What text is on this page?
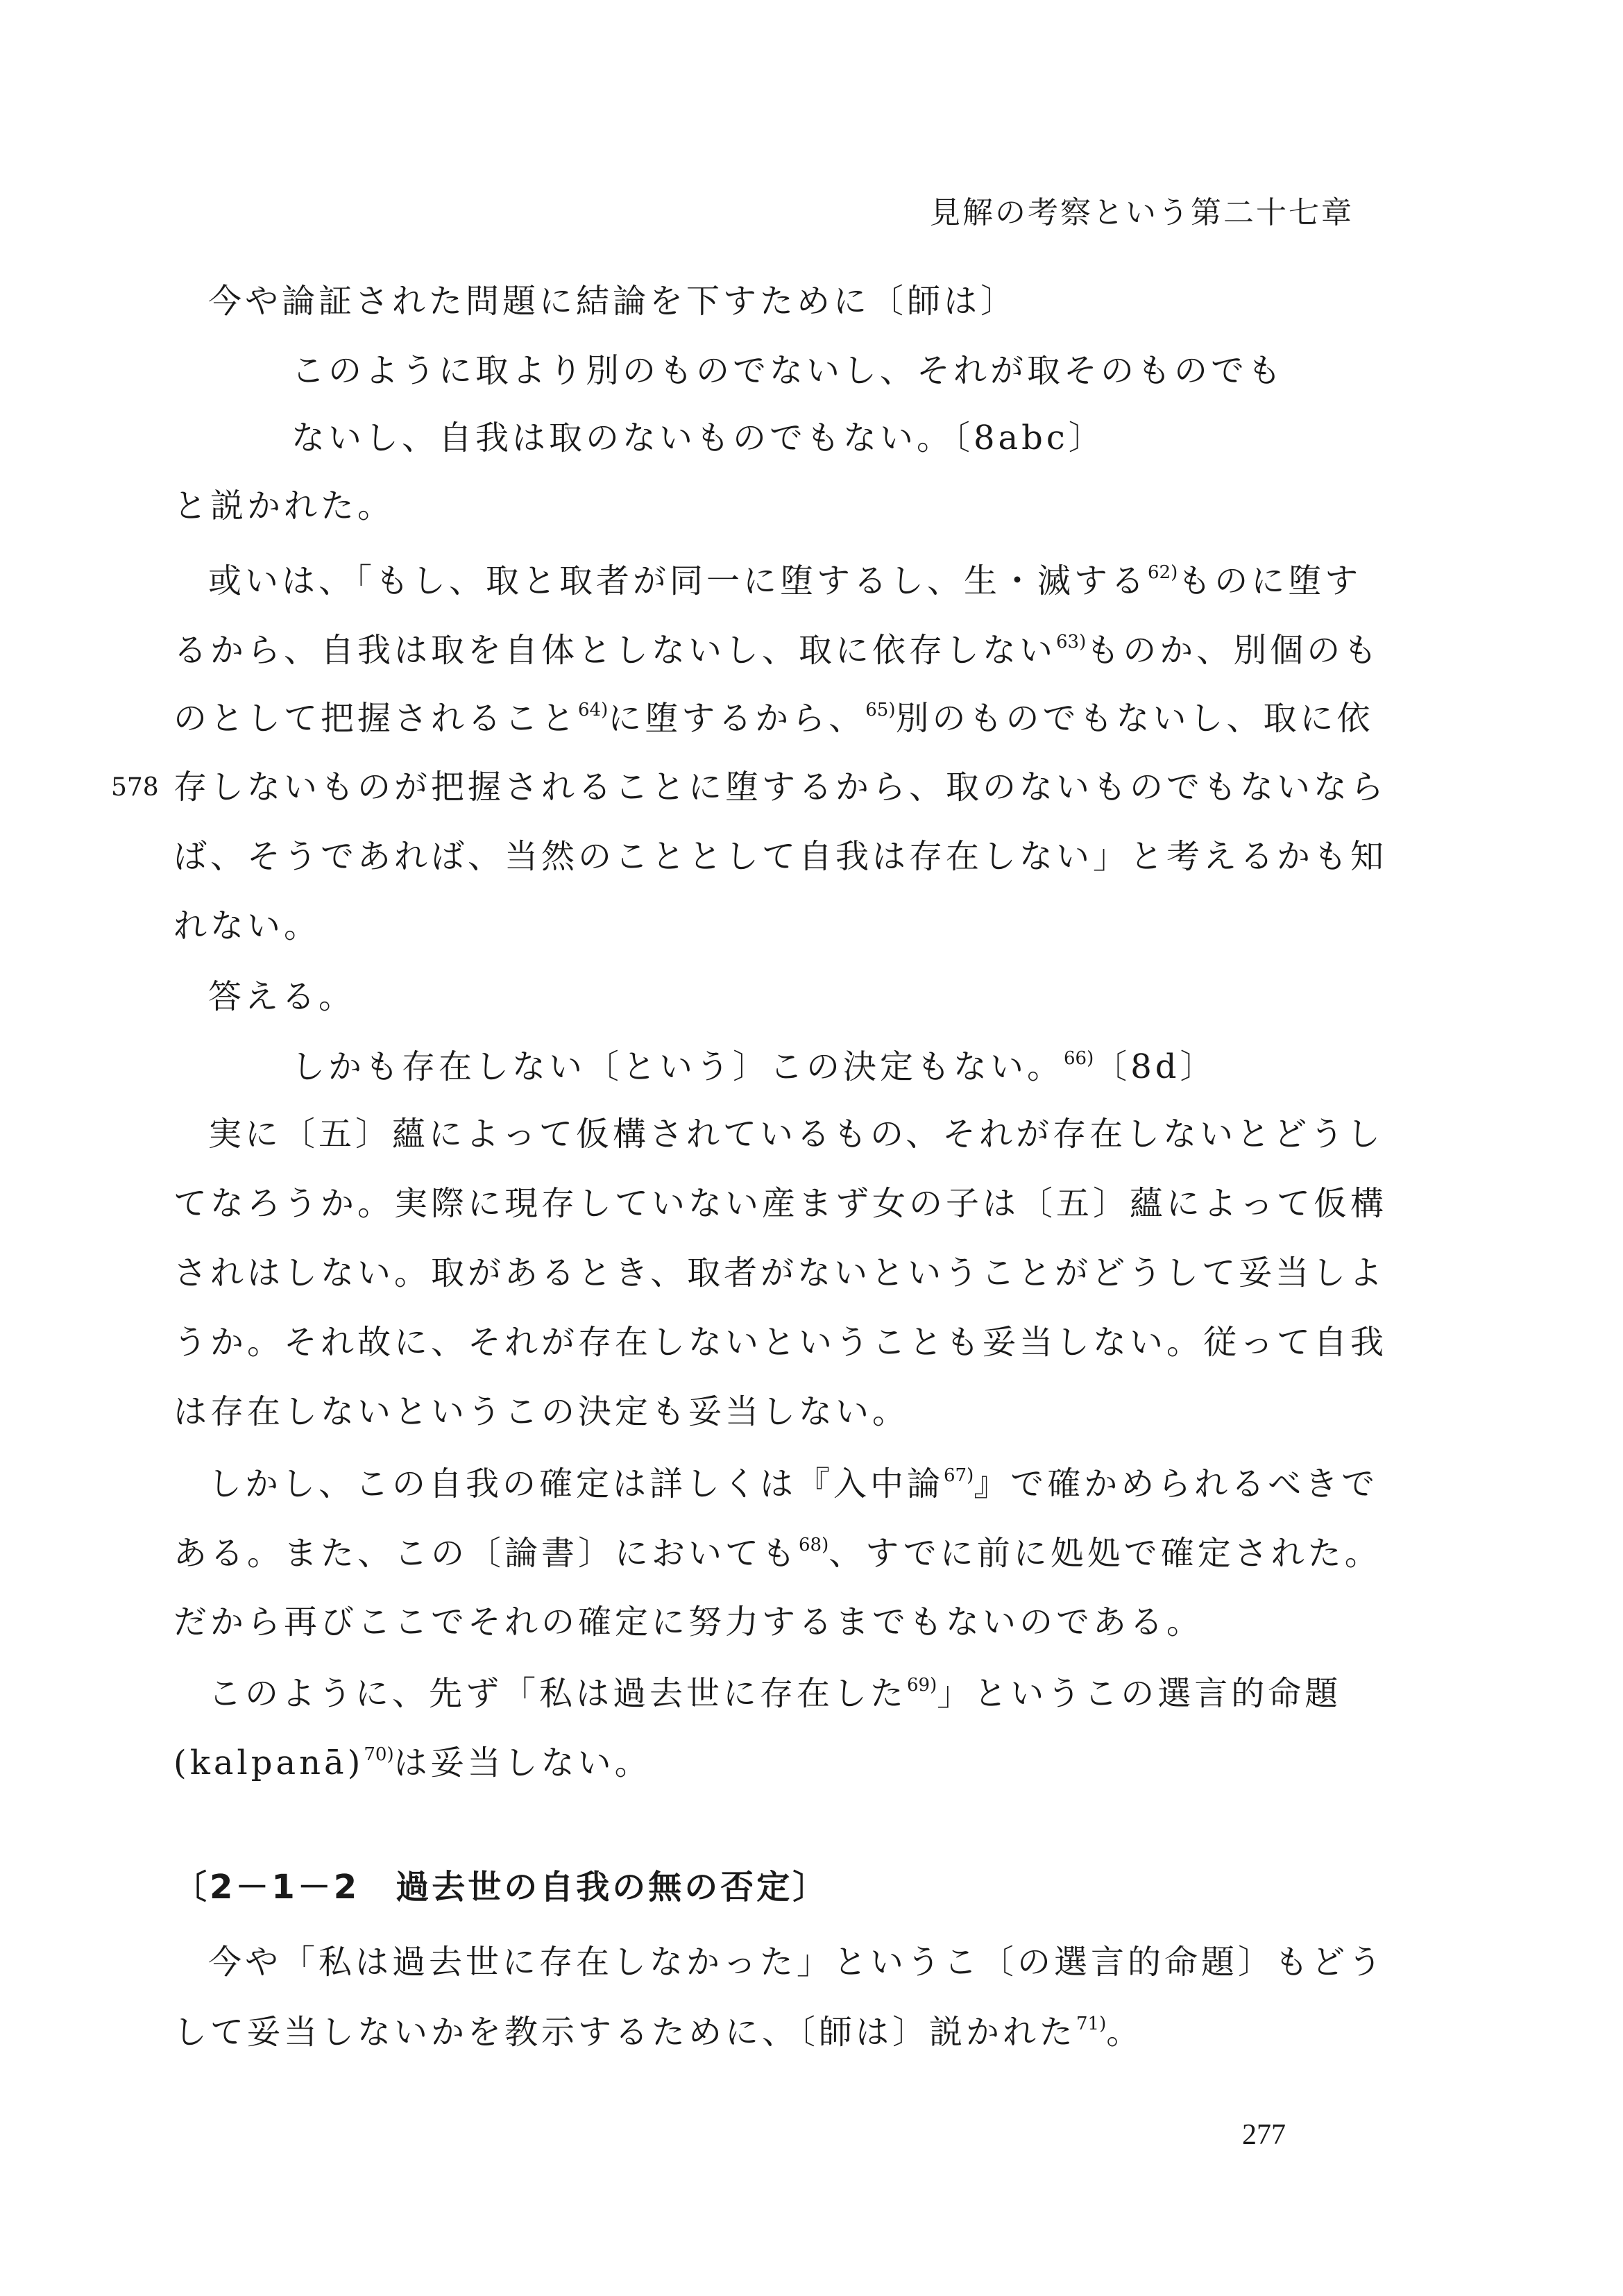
見解の考察という第二十七章
578
今や論証された問題に結論を下すために〔師は〕
このように取より別のものでないし、それが取そのものでも
ないし、自我は取のないものでもない。〔8abc〕
と説かれた。
或いは、「もし、取と取者が同一に堕するし、生・滅する$^{62)}$ものに堕す
るから、自我は取を自体としないし、取に依存しない$^{63)}$ものか、別個のも
のとして把握されること$^{64)}$に堕するから、$^{65)}$別のものでもないし、取に依
存しないものが把握されることに堕するから、取のないものでもないなら
ば、そうであれば、当然のこととして自我は存在しない」と考えるかも知
れない。
答える。
しかも存在しない〔という〕この決定もない。$^{66)}$〔8d〕
実に〔五〕蘊によって仮構されているもの、それが存在しないとどうし
てなろうか。実際に現存していない産まず女の子は〔五〕蘊によって仮構
されはしない。取があるとき、取者がないということがどうして妥当しよ
うか。それ故に、それが存在しないということも妥当しない。従って自我
は存在しないというこの決定も妥当しない。
しかし、この自我の確定は詳しくは『入中論$^{67)}$』で確かめられるべきで
ある。また、この〔論書〕においても$^{68)}$、すでに前に処処で確定された。
だから再びここでそれの確定に努力するまでもないのである。
このように、先ず「私は過去世に存在した$^{69)}$」というこの選言的命題
(kalpanā)$^{70)}$は妥当しない。
〔2－1－2　過去世の自我の無の否定〕
今や「私は過去世に存在しなかった」というこ〔の選言的命題〕もどう
して妥当しないかを教示するために、〔師は〕説かれた$^{71)}$。
277
